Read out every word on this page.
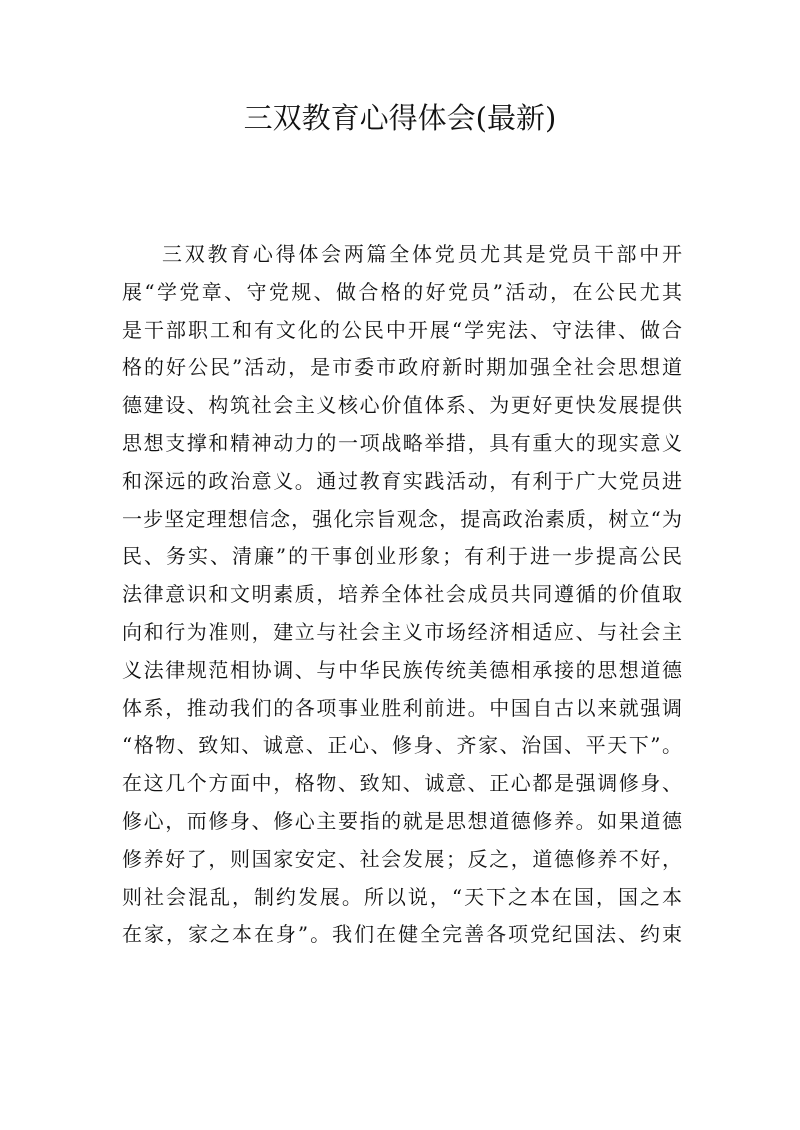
三双教育心得体会(最新)
三双教育心得体会两篇全体党员尤其是党员干部中开
展“学党章、守党规、做合格的好党员”活动，在公民尤其
是干部职工和有文化的公民中开展“学宪法、守法律、做合
格的好公民”活动，是市委市政府新时期加强全社会思想道
德建设、构筑社会主义核心价值体系、为更好更快发展提供
思想支撑和精神动力的一项战略举措，具有重大的现实意义
和深远的政治意义。通过教育实践活动，有利于广大党员进
一步坚定理想信念，强化宗旨观念，提高政治素质，树立“为
民、务实、清廉”的干事创业形象；有利于进一步提高公民
法律意识和文明素质，培养全体社会成员共同遵循的价值取
向和行为准则，建立与社会主义市场经济相适应、与社会主
义法律规范相协调、与中华民族传统美德相承接的思想道德
体系，推动我们的各项事业胜利前进。中国自古以来就强调
“格物、致知、诚意、正心、修身、齐家、治国、平天下”。
在这几个方面中，格物、致知、诚意、正心都是强调修身、
修心，而修身、修心主要指的就是思想道德修养。如果道德
修养好了，则国家安定、社会发展；反之，道德修养不好，
则社会混乱，制约发展。所以说，“天下之本在国，国之本
在家，家之本在身”。我们在健全完善各项党纪国法、约束
